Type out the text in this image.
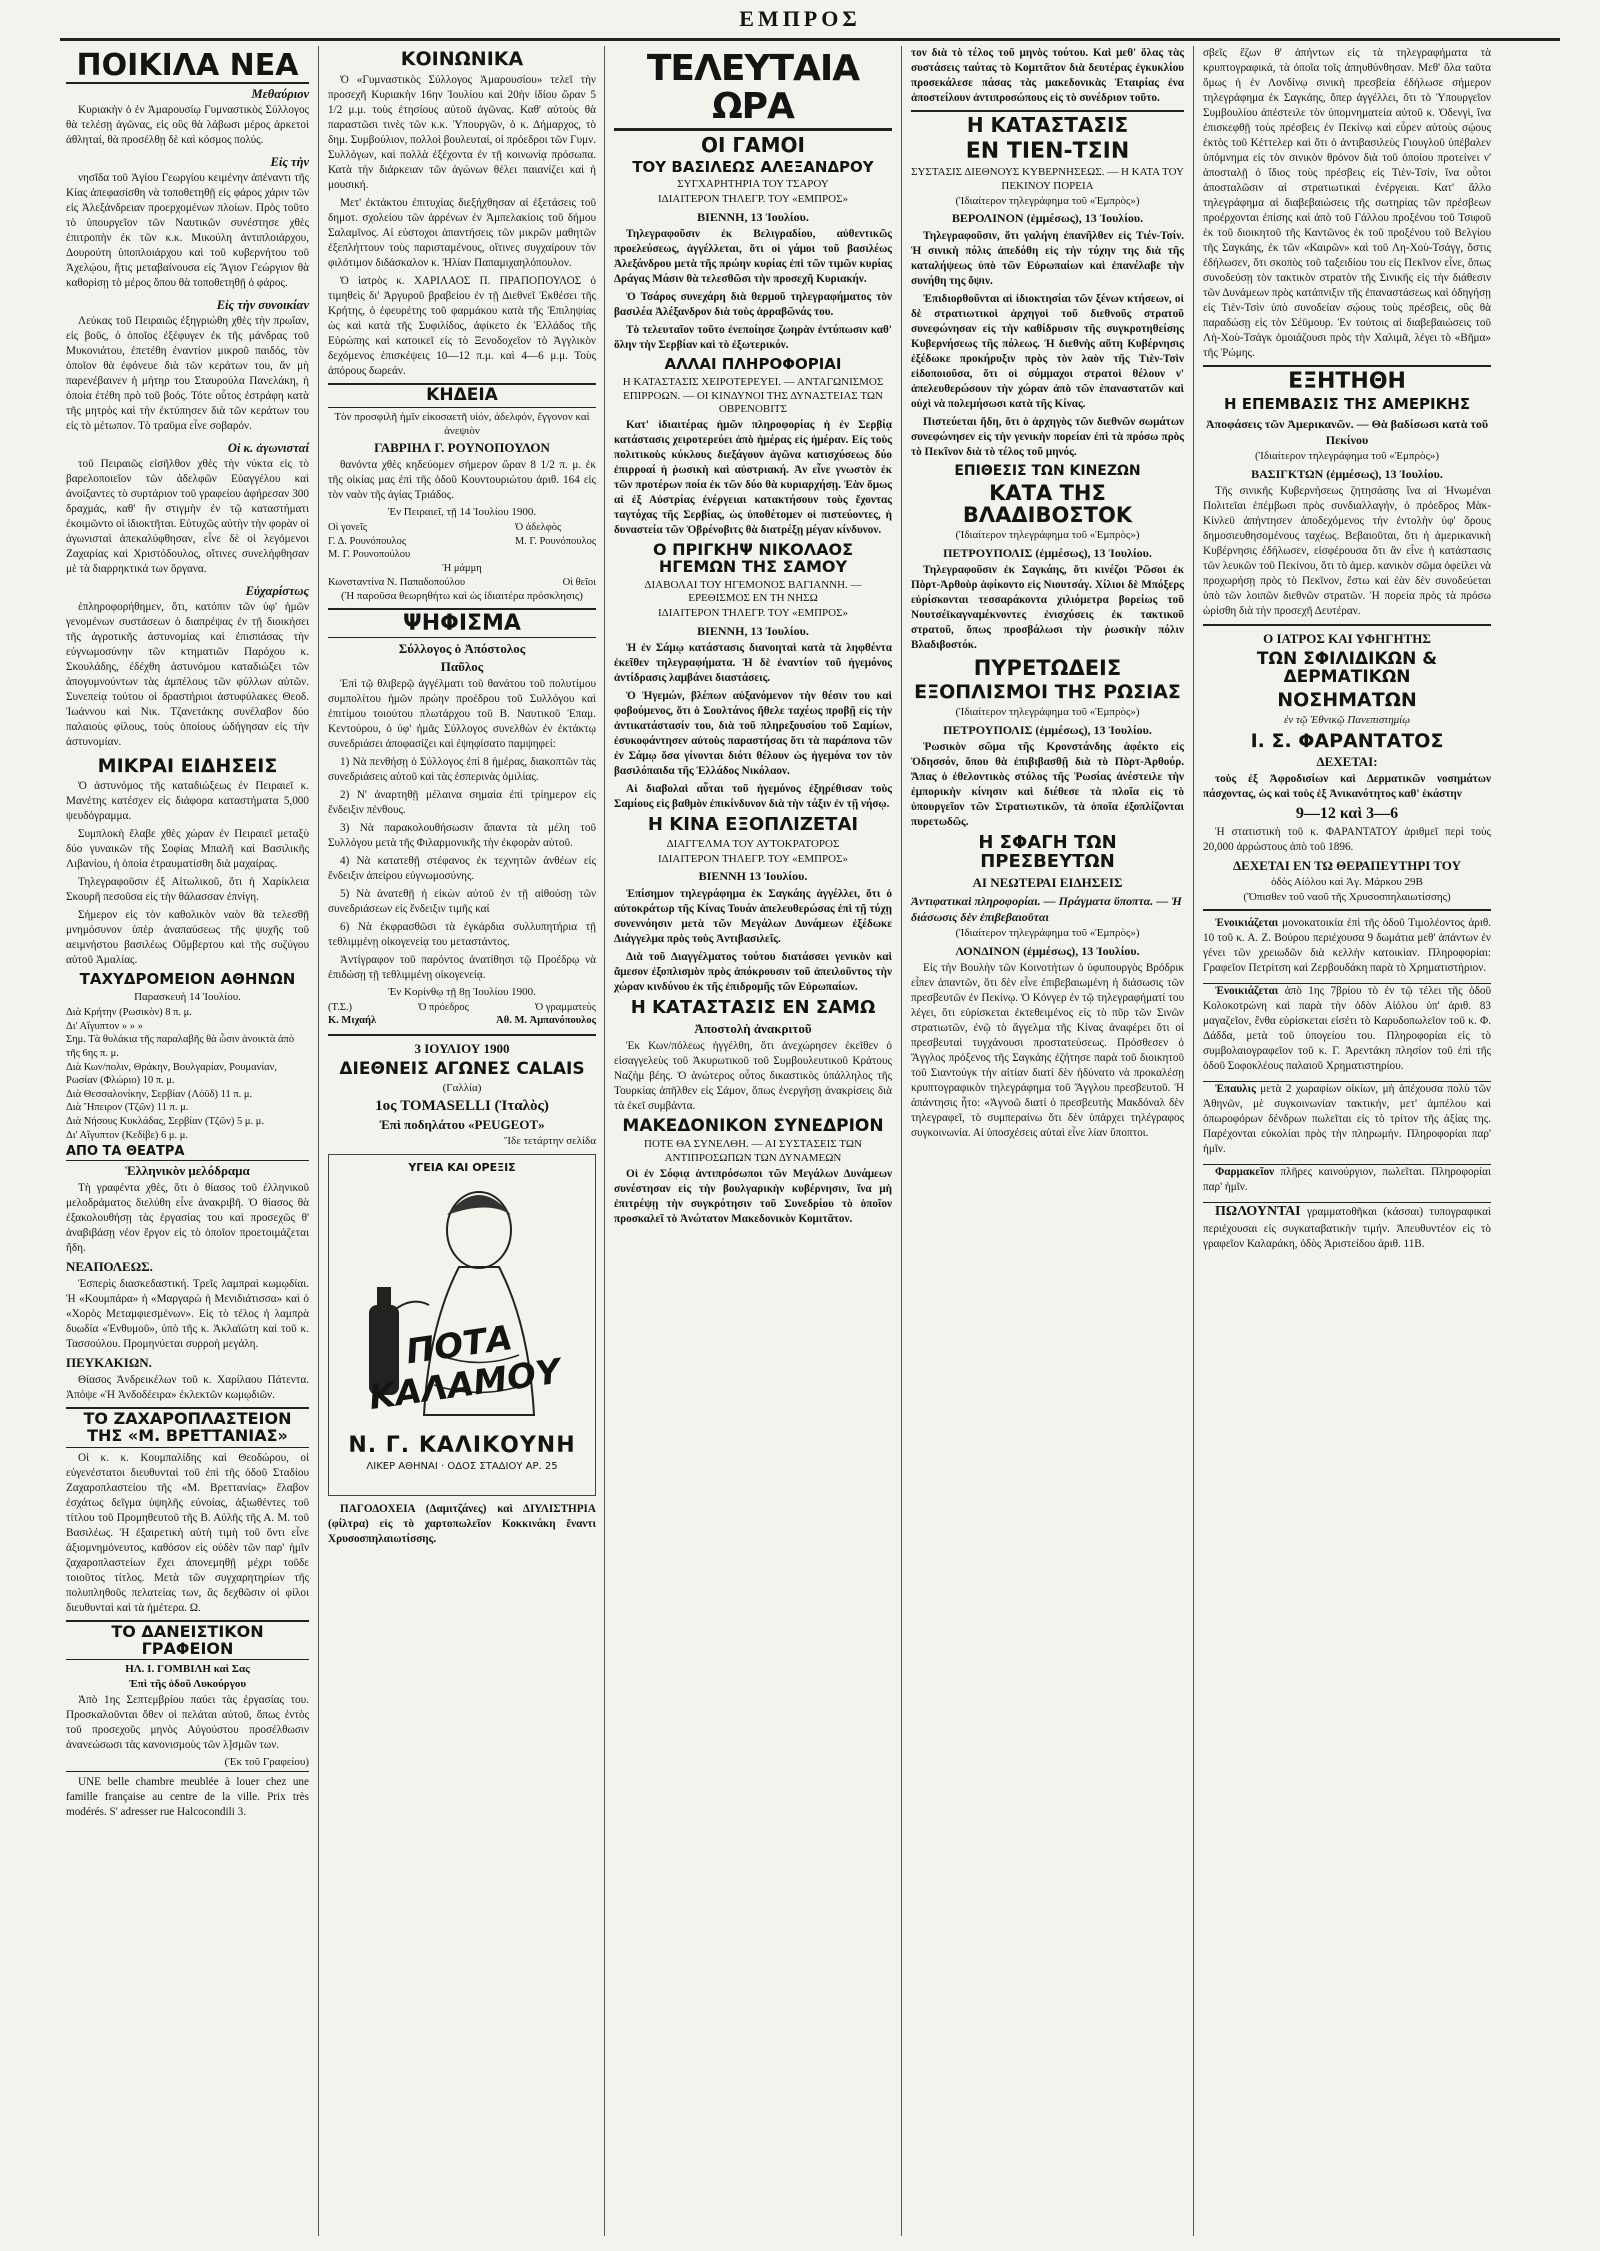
ΕΜΠΡΟΣ
ΠΟΙΚΙΛΑ ΝΕΑ
Μεθαύριον

Κυριακὴν ὁ ἐν Ἀμαρουσίῳ Γυμναστικὸς Σύλλογος θὰ τελέσῃ ἀγῶνας, εἰς οὓς θὰ λάβωσι μέρος ἀρκετοὶ ἀθληταί, θὰ προσέλθῃ δὲ καὶ κόσμος πολύς.

Εἰς τὴν

νησῖδα τοῦ Ἁγίου Γεωργίου κειμένην ἀπέναντι τῆς Κίας ἀπεφασίσθη νὰ τοποθετηθῇ εἰς φάρος χάριν τῶν εἰς Ἀλεξάνδρειαν προερχομένων πλοίων. Πρὸς τοῦτο τὸ ὑπουργεῖον τῶν Ναυτικῶν συνέστησε χθὲς ἐπιτροπὴν ἐκ τῶν κ.κ. Μικούλη ἀντιπλοιάρχου, Δουρούτη ὑποπλοιάρχου καὶ τοῦ κυβερνήτου τοῦ Ἀχελῴου, ἥτις μεταβαίνουσα εἰς Ἅγιον Γεώργιον θὰ καθορίσῃ τὸ μέρος ὅπου θὰ τοποθετηθῇ ὁ φάρος.

Εἰς τὴν συνοικίαν

Λεύκας τοῦ Πειραιῶς ἐξηγριώθη χθὲς τὴν πρωΐαν, εἰς βοῦς, ὁ ὁποῖος ἐξέφυγεν ἐκ τῆς μάνδρας τοῦ Μυκονιάτου, ἐπετέθη ἐναντίον μικροῦ παιδός, τὸν ὁποῖον θὰ ἐφόνευε διὰ τῶν κεράτων του, ἂν μὴ παρενέβαινεν ἡ μήτηρ του Σταυρούλα Πανελάκη, ἡ ὁποία ἐτέθη πρὸ τοῦ βοός. Τότε οὗτος ἐστράφη κατὰ τῆς μητρὸς καὶ τὴν ἐκτύπησεν διὰ τῶν κεράτων του εἰς τὸ μέτωπον. Τὸ τραῦμα εἶνε σοβαρόν.

Οἱ κ. ἀγωνισταί

τοῦ Πειραιῶς εἰσῆλθον χθὲς τὴν νύκτα εἰς τὸ βαρελοποιεῖον τῶν ἀδελφῶν Εὐαγγέλου καὶ ἀνοίξαντες τὸ συρτάριον τοῦ γραφείου ἀφήρεσαν 300 δραχμάς, καθ' ἣν στιγμὴν ἐν τῷ καταστήματι ἐκοιμῶντο οἱ ἰδιοκτῆται. Εὐτυχῶς αὐτὴν τὴν φορὰν οἱ ἀγωνισταὶ ἀπεκαλύφθησαν, εἶνε δὲ οἱ λεγόμενοι Ζαχαρίας καὶ Χριστόδουλος, οἵτινες συνελήφθησαν μὲ τὰ διαρρηκτικά των ὄργανα.

Εὐχαρίστως

ἐπληροφορήθημεν, ὅτι, κατόπιν τῶν ὑφ' ἡμῶν γενομένων συστάσεων ὁ διαπρέψας ἐν τῇ διοικήσει τῆς ἀγροτικῆς ἀστυνομίας καὶ ἐπισπάσας τὴν εὐγνωμοσύνην τῶν κτηματιῶν Παρόχου κ. Σκουλάδης, ἐδέχθη ἀστυνόμου καταδιώξει τῶν ἀπογυμνούντων τὰς ἀμπέλους τῶν φύλλων αὐτῶν. Συνεπείᾳ τούτου οἱ δραστήριοι ἀστυφύλακες Θεοδ. Ἰωάννου καὶ Νικ. Τζανετάκης συνέλαβον δύο παλαιοὺς φίλους, τοὺς ὁποίους ὡδήγησαν εἰς τὴν ἀστυνομίαν.

ΜΙΚΡΑΙ ΕΙΔΗΣΕΙΣ

Ὁ ἀστυνόμος τῆς καταδιώξεως ἐν Πειραιεῖ κ. Μανέτης κατέσχεν εἰς διάφορα καταστήματα 5,000 ψευδόγραμμα.

Συμπλοκὴ ἔλαβε χθὲς χώραν ἐν Πειραιεῖ μεταξὺ δύο γυναικῶν τῆς Σοφίας Μπαλῆ καὶ Βασιλικῆς Λιβανίου, ἡ ὁποία ἐτραυματίσθη διὰ μαχαίρας.

Τηλεγραφοῦσιν ἐξ Αἰτωλικοῦ, ὅτι ἡ Χαρίκλεια Σκουρῆ πεσοῦσα εἰς τὴν θάλασσαν ἐπνίγη.

Σήμερον εἰς τὸν καθολικὸν ναὸν θὰ τελεσθῇ μνημόσυνον ὑπὲρ ἀναπαύσεως τῆς ψυχῆς τοῦ αειμνήστου βασιλέως Οὔμβερτου καὶ τῆς συζύγου αὐτοῦ Ἀμαλίας.

ΤΑΧΥΔΡΟΜΕΙΟΝ ΑΘΗΝΩΝ
Παρασκευὴ 14 Ἰουλίου.
Διὰ Κρήτην (Ρωσικὸν) 8 π. μ.
Δι' Αἴγυπτον » » »
Σημ. Τὰ θυλάκια τῆς παραλαβῆς θὰ ὦσιν ἀνοικτὰ ἀπὸ τῆς 6ης π. μ.
Διὰ Κων/πολιν, Θράκην, Βουλγαρίαν, Ρουμανίαν, Ρωσίαν (Φλώριο) 10 π. μ.
Διὰ Θεσσαλονίκην, Σερβίαν (Λόϋδ) 11 π. μ.
Διὰ Ἤπειρον (Τζῶν) 11 π. μ.
Διὰ Νήσους Κυκλάδας, Σερβίαν (Τζῶν) 5 μ. μ.
Δι' Αἴγυπτον (Κεδίβε) 6 μ. μ.
ΑΠΟ ΤΑ ΘΕΑΤΡΑ
Ἑλληνικὸν μελόδραμα

Τὴ γραφέντα χθὲς, ὅτι ὁ θίασος τοῦ ἑλληνικοῦ μελοδράματος διελύθη εἶνε ἀνακριβῆ. Ὁ θίασος θὰ ἐξακολουθήσῃ τὰς ἐργασίας του καὶ προσεχῶς θ' ἀναβιβάσῃ νέον ἔργον εἰς τὸ ὁποῖον προετοιμάζεται ἤδη.

ΝΕΑΠΟΛΕΩΣ.

Ἑσπερὶς διασκεδαστική. Τρεῖς λαμπραὶ κωμῳδίαι. Ἡ «Κουμπάρα» ἡ «Μαργαρὼ ἡ Μενιδιάτισσα» καὶ ὁ «Χορὸς Μεταμφιεσμένων». Εἰς τὸ τέλος ἡ λαμπρὰ δυωδία «Ἐνθυμοῦ», ὑπὸ τῆς κ. Ἀκλαϊώτη καὶ τοῦ κ. Τασσούλου. Προμηνύεται συρροὴ μεγάλη.

ΠΕΥΚΑΚΙΩΝ.

Θίασος Ἀνδρεικέλων τοῦ κ. Χαρίλαου Πάτεντα. Ἀπόψε «Ἡ Ἀνδοδέειρα» ἐκλεκτῶν κωμῳδιῶν.

ΤΟ ΖΑΧΑΡΟΠΛΑΣΤΕΙΟΝ ΤΗΣ «Μ. ΒΡΕΤΤΑΝΙΑΣ»

Οἱ κ. κ. Κουμπαλίδης καὶ Θεοδώρου, οἱ εὐγενέστατοι διευθυνταὶ τοῦ ἐπὶ τῆς ὁδοῦ Σταδίου Ζαχαροπλαστείου τῆς «Μ. Βρεττανίας» ἔλαβον ἐσχάτως δεῖγμα ὑψηλῆς εὐνοίας, ἀξιωθέντες τοῦ τίτλου τοῦ Προμηθευτοῦ τῆς Β. Αὐλῆς τῆς Α. Μ. τοῦ Βασιλέως. Ἡ ἐξαιρετικὴ αὐτὴ τιμὴ τοῦ ὄντι εἶνε ἀξιομνημόνευτος, καθόσον εἰς οὐδὲν τῶν παρ' ἡμῖν ζαχαροπλαστείων ἔχει ἀπονεμηθῇ μέχρι τοῦδε τοιοῦτος τίτλος. Μετὰ τῶν συγχαρητηρίων τῆς πολυπληθοῦς πελατείας των, ἂς δεχθῶσιν οἱ φίλοι διευθυνταὶ καὶ τὰ ἡμέτερα. Ω.

ΤΟ ΔΑΝΕΙΣΤΙΚΟΝ ΓΡΑΦΕΙΟΝ
ΗΛ. Ι. ΓΟΜΒΙΛΗ καὶ Σας
Ἐπὶ τῆς ὁδοῦ Λυκούργου

Ἀπὸ 1ης Σεπτεμβρίου παύει τὰς ἐργασίας του. Προσκαλοῦνται ὅθεν οἱ πελάται αὐτοῦ, ὅπως ἐντὸς τοῦ προσεχοῦς μηνὸς Αὐγούστου προσέλθωσιν ἀνανεώσωσι τὰς κανονισμοὺς τῶν λ]σμῶν των.

(Ἐκ τοῦ Γραφείου)

UNE belle chambre meublée à louer chez une famille française au centre de la ville. Prix très modérés. S' adresser rue Halcocondili 3.

ΚΟΙΝΩΝΙΚΑ

Ὁ «Γυμναστικὸς Σύλλογος Ἀμαρουσίου» τελεῖ τὴν προσεχῆ Κυριακὴν 16ην Ἰουλίου καὶ 20ὴν ἰδίου ὥραν 5 1/2 μ.μ. τοὺς ἐτησίους αὐτοῦ ἀγῶνας. Καθ' αὐτοὺς θὰ παραστῶσι τινὲς τῶν κ.κ. Ὑπουργῶν, ὁ κ. Δήμαρχος, τὸ δημ. Συμβούλιον, πολλοὶ βουλευταί, οἱ πρόεδροι τῶν Γυμν. Συλλόγων, καὶ πολλὰ ἐξέχοντα ἐν τῇ κοινωνίᾳ πρόσωπα. Κατὰ τὴν διάρκειαν τῶν ἀγώνων θέλει παιανίζει καὶ ἡ μουσική.

Μετ' ἐκτάκτου ἐπιτυχίας διεξήχθησαν αἱ ἐξετάσεις τοῦ δημοτ. σχολείου τῶν ἀρρένων ἐν Ἀμπελακίοις τοῦ δήμου Σαλαμῖνος. Αἱ εὐστοχοι ἀπαντήσεις τῶν μικρῶν μαθητῶν ἐξεπλήττουν τοὺς παρισταμένους, οἵτινες συγχαίρουν τὸν φιλότιμον διδάσκαλον κ. Ἠλίαν Παπαμιχαηλόπουλον.

Ὁ ἰατρὸς κ. ΧΑΡΙΛΑΟΣ Π. ΠΡΑΠΟΠΟΥΛΟΣ ὁ τιμηθεὶς δι' Ἀργυροῦ βραβείου ἐν τῇ Διεθνεῖ Ἐκθέσει τῆς Κρήτης, ὁ ἐφευρέτης τοῦ φαρμάκου κατὰ τῆς Ἐπιληψίας ὡς καὶ κατὰ τῆς Συφιλίδος, ἀφίκετο ἐκ Ἑλλάδος τῆς Εὐρώπης καὶ κατοικεῖ εἰς τὸ Ξενοδοχεῖον τὸ Ἀγγλικὸν δεχόμενος ἐπισκέψεις 10—12 π.μ. καὶ 4—6 μ.μ. Τοὺς ἀπόρους δωρεάν.

ΚΗΔΕΙΑ
Τὸν προσφιλῆ ἡμῖν εἰκοσαετῆ υἱόν, ἀδελφόν, ἔγγονον καὶ ἀνεψιὸν
ΓΑΒΡΙΗΛ Γ. ΡΟΥΝΟΠΟΥΛΟΝ

θανόντα χθὲς κηδεύομεν σήμερον ὥραν 8 1/2 π. μ. ἐκ τῆς οἰκίας μας ἐπὶ τῆς ὁδοῦ Κουντουριώτου ἀριθ. 164 εἰς τὸν ναὸν τῆς ἁγίας Τριάδος.

Ἐν Πειραιεῖ, τῇ 14 Ἰουλίου 1900.
Οἱ γονεῖς
Γ. Δ. Ρουνόπουλος
Μ. Γ. Ρουνοπούλου
Ὁ ἀδελφὸς
Μ. Γ. Ρουνόπουλος
Ἡ μάμμη
Κωνσταντίνα Ν. Παπαδοπούλου	Οἱ θεῖοι
(Ἡ παροῦσα θεωρηθήτω καὶ ὡς ἰδιαιτέρα πρόσκλησις)
ΨΗΦΙΣΜΑ
Σύλλογος ὁ Ἀπόστολος
Παῦλος

Ἐπὶ τῷ θλιβερῷ ἀγγέλματι τοῦ θανάτου τοῦ πολυτίμου συμπολίτου ἡμῶν πρώην προέδρου τοῦ Συλλόγου καὶ ἐπιτίμου τοιούτου πλωτάρχου τοῦ Β. Ναυτικοῦ Ἐπαμ. Κεντούρου, ὁ ὑφ' ἡμᾶς Σύλλογος συνελθὼν ἐν ἐκτάκτῳ συνεδριάσει ἀποφασίζει καὶ ἐψηφίσατο παμψηφεί:

1) Νὰ πενθήσῃ ὁ Σύλλογος ἐπὶ 8 ἡμέρας, διακοπτῶν τὰς συνεδριάσεις αὐτοῦ καὶ τὰς ἑσπερινὰς ὁμιλίας.

2) Ν' ἀναρτηθῇ μέλαινα σημαία ἐπὶ τρίημερον εἰς ἔνδειξιν πένθους.

3) Νὰ παρακολουθήσωσιν ἅπαντα τὰ μέλη τοῦ Συλλόγου μετὰ τῆς Φιλαρμονικῆς τὴν ἐκφορὰν αὐτοῦ.

4) Νὰ κατατεθῇ στέφανος ἐκ τεχνητῶν ἀνθέων εἰς ἔνδειξιν ἀπείρου εὐγνωμοσύνης.

5) Νὰ ἀνατεθῇ ἡ εἰκὼν αὐτοῦ ἐν τῇ αἰθούσῃ τῶν συνεδριάσεων εἰς ἔνδειξιν τιμῆς καί

6) Νὰ ἐκφρασθῶσι τὰ ἐγκάρδια συλλυπητήρια τῇ τεθλιμμένῃ οἰκογενείᾳ του μεταστάντος.

Ἀντίγραφον τοῦ παρόντος ἀνατίθησι τῷ Προέδρῳ νὰ ἐπιδώσῃ τῇ τεθλιμμένῃ οἰκογενείᾳ.

Ἐν Κορίνθῳ τῇ 8ῃ Ἰουλίου 1900.
(Τ.Σ.)	Ὁ πρόεδρος	Ὁ γραμματεὺς
Κ. Μιχαήλ	Ἀθ. Μ. Ἀμπανόπουλος
3 ΙΟΥΛΙΟΥ 1900
ΔΙΕΘΝΕΙΣ ΑΓΩΝΕΣ CALAIS
(Γαλλία)
1ος TOMASELLI (Ἰταλὸς)
Ἐπὶ ποδηλάτου «PEUGEOT»
Ἴδε τετάρτην σελίδα
ΥΓΕΙΑ ΚΑΙ ΟΡΕΞΙΣ
ΠΟΤΑ ΚΑΛΑΜΟΥ
Ν. Γ. ΚΑΛΙΚΟΥΝΗ
ΛΙΚΕΡ ΑΘΗΝΑΙ · ΟΔΟΣ ΣΤΑΔΙΟΥ ΑΡ. 25

ΠΑΓΟΔΟΧΕΙΑ (Δαμιτζάνες) καὶ ΔΙΥΛΙΣΤΗΡΙΑ (φίλτρα) εἰς τὸ χαρτοπωλεῖον Κοκκινάκη ἔναντι Χρυσοσπηλαιωτίσσης.

ΤΕΛΕΥΤΑΙΑ ΩΡΑ
ΟΙ ΓΑΜΟΙ
ΤΟΥ ΒΑΣΙΛΕΩΣ ΑΛΕΞΑΝΔΡΟΥ
ΣΥΓΧΑΡΗΤΗΡΙΑ ΤΟΥ ΤΣΑΡΟΥ
ΙΔΙΑΙΤΕΡΟΝ ΤΗΛΕΓΡ. ΤΟΥ «ΕΜΠΡΟΣ»
ΒΙΕΝΝΗ, 13 Ἰουλίου.

Τηλεγραφοῦσιν ἐκ Βελιγραδίου, αὐθεντικῶς προελεύσεως, ἀγγέλλεται, ὅτι οἱ γάμοι τοῦ βασιλέως Ἀλεξάνδρου μετὰ τῆς πρώην κυρίας ἐπὶ τῶν τιμῶν κυρίας Δράγας Μάσιν θὰ τελεσθῶσι τὴν προσεχῆ Κυριακήν.

Ὁ Τσάρος συνεχάρη διὰ θερμοῦ τηλεγραφήματος τὸν βασιλέα Ἀλέξανδρον διὰ τοὺς ἀρραβῶνάς του.

Τὸ τελευταῖον τοῦτο ἐνεποίησε ζωηρὰν ἐντύπωσιν καθ' ὅλην τὴν Σερβίαν καὶ τὸ ἐξωτερικόν.

ΑΛΛΑΙ ΠΛΗΡΟΦΟΡΙΑΙ
Η ΚΑΤΑΣΤΑΣΙΣ ΧΕΙΡΟΤΕΡΕΥΕΙ. — ΑΝΤΑΓΩΝΙΣΜΟΣ ΕΠΙΡΡΟΩΝ. — ΟΙ ΚΙΝΔΥΝΟΙ ΤΗΣ ΔΥΝΑΣΤΕΙΑΣ ΤΩΝ ΟΒΡΕΝΟΒΙΤΣ

Κατ' ἰδιαιτέρας ἡμῶν πληροφορίας ἡ ἐν Σερβίᾳ κατάστασις χειροτερεύει ἀπὸ ἡμέρας εἰς ἡμέραν. Εἰς τοὺς πολιτικοὺς κύκλους διεξάγουν ἀγῶνα κατισχύσεως δύο ἐπιρροαί ἡ ῥωσικὴ καὶ αὐστριακή. Ἀν εἶνε γνωστὸν ἐκ τῶν προτέρων ποία ἐκ τῶν δύο θὰ κυριαρχήσῃ. Ἐὰν ὅμως αἱ ἐξ Αὐστρίας ἐνέργειαι κατακτήσουν τοὺς ἔχοντας ταγτόχας τῆς Σερβίας, ὡς ὑποθέτομεν οἱ πιστεύοντες, ἡ δυναστεία τῶν Ὀβρένοβιτς θὰ διατρέξῃ μέγαν κίνδυνον.

Ο ΠΡΙΓΚΗΨ ΝΙΚΟΛΑΟΣ ΗΓΕΜΩΝ ΤΗΣ ΣΑΜΟΥ
ΔΙΑΒΟΛΑΙ ΤΟΥ ΗΓΕΜΟΝΟΣ ΒΑΓΙΑΝΝΗ. — ΕΡΕΘΙΣΜΟΣ ΕΝ ΤΗ ΝΗΣΩ
ΙΔΙΑΙΤΕΡΟΝ ΤΗΛΕΓΡ. ΤΟΥ «ΕΜΠΡΟΣ»
ΒΙΕΝΝΗ, 13 Ἰουλίου.

Ἡ ἐν Σάμῳ κατάστασις διανοηταὶ κατὰ τὰ ληφθέντα ἐκεῖθεν τηλεγραφήματα. Ἡ δὲ ἐναντίον τοῦ ἡγεμόνος ἀντίδρασις λαμβάνει διαστάσεις.

Ὁ Ἡγεμών, βλέπων αὐξανόμενον τὴν θέσιν του καὶ φοβούμενος, ὅτι ὁ Σουλτάνος ἤθελε ταχέως προβῇ εἰς τὴν ἀντικατάστασίν του, διὰ τοῦ πληρεξουσίου τοῦ Σαμίων, ἐσυκοφάντησεν αὐτοὺς παραστήσας ὅτι τὰ παράπονα τῶν ἐν Σάμῳ ὅσα γίνονται διότι θέλουν ὡς ἡγεμόνα τον τὸν βασιλόπαιδα τῆς Ἑλλάδος Νικόλαον.

Αἱ διαβολαὶ αὗται τοῦ ἡγεμόνος ἐξηρέθισαν τοὺς Σαμίους εἰς βαθμὸν ἐπικίνδυνον διὰ τὴν τάξιν ἐν τῇ νήσῳ.

Η ΚΙΝΑ ΕΞΟΠΛΙΖΕΤΑΙ
ΔΙΑΓΓΕΛΜΑ ΤΟΥ ΑΥΤΟΚΡΑΤΟΡΟΣ
ΙΔΙΑΙΤΕΡΟΝ ΤΗΛΕΓΡ. ΤΟΥ «ΕΜΠΡΟΣ»
ΒΙΕΝΝΗ 13 Ἰουλίου.

Ἐπίσημον τηλεγράφημα ἐκ Σαγκάης ἀγγέλλει, ὅτι ὁ αὐτοκράτωρ τῆς Κίνας Τουάν ἀπελευθερώσας ἐπὶ τῇ τύχῃ συνεννόησιν μετὰ τῶν Μεγάλων Δυνάμεων ἐξέδωκε Διάγγελμα πρὸς τοὺς Ἀντιβασιλεῖς.

Διὰ τοῦ Διαγγέλματος τούτου διατάσσει γενικὸν καὶ ἄμεσον ἐξοπλισμὸν πρὸς ἀπόκρουσιν τοῦ ἀπειλοῦντος τὴν χώραν κινδύνου ἐκ τῆς ἐπιδρομῆς τῶν Εὐρωπαίων.

Η ΚΑΤΑΣΤΑΣΙΣ ΕΝ ΣΑΜΩ
Ἀποστολὴ ἀνακριτοῦ

Ἐκ Κων/πόλεως ἠγγέλθη, ὅτι ἀνεχώρησεν ἐκεῖθεν ὁ εἰσαγγελεὺς τοῦ Ἀκυρωτικοῦ τοῦ Συμβουλευτικοῦ Κράτους Ναζὴμ βέης. Ὁ ἀνώτερος οὗτος δικαστικὸς ὑπάλληλος τῆς Τουρκίας ἀπῆλθεν εἰς Σάμον, ὅπως ἐνεργήσῃ ἀνακρίσεις διὰ τὰ ἐκεῖ συμβάντα.

ΜΑΚΕΔΟΝΙΚΟΝ ΣΥΝΕΔΡΙΟΝ
ΠΟΤΕ ΘΑ ΣΥΝΕΛΘΗ. — ΑΙ ΣΥΣΤΑΣΕΙΣ ΤΩΝ ΑΝΤΙΠΡΟΣΩΠΩΝ ΤΩΝ ΔΥΝΑΜΕΩΝ

Οἱ ἐν Σόφιᾳ ἀντιπρόσωποι τῶν Μεγάλων Δυνάμεων συνέστησαν εἰς τὴν βουλγαρικὴν κυβέρνησιν, ἵνα μὴ ἐπιτρέψῃ τὴν συγκρότησιν τοῦ Συνεδρίου τὸ ὁποῖον προσκαλεῖ τὸ Ἀνώτατον Μακεδονικὸν Κομιτᾶτον.

τον διὰ τὸ τέλος τοῦ μηνὸς τούτου. Καὶ μεθ' ὅλας τὰς συστάσεις ταύτας τὸ Κομιτᾶτον διὰ δευτέρας ἐγκυκλίου προσεκάλεσε πάσας τὰς μακεδονικὰς Ἑταιρίας ἐνα ἀποστείλουν ἀντιπροσώπους εἰς τὸ συνέδριον τοῦτο.

Η ΚΑΤΑΣΤΑΣΙΣ
ΕΝ ΤΙΕΝ-ΤΣΙΝ
ΣΥΣΤΑΣΙΣ ΔΙΕΘΝΟΥΣ ΚΥΒΕΡΝΗΣΕΩΣ. — Η ΚΑΤΑ ΤΟΥ ΠΕΚΙΝΟΥ ΠΟΡΕΙΑ
(Ἰδιαίτερον τηλεγράφημα τοῦ «Ἐμπρὸς»)
ΒΕΡΟΛΙΝΟΝ (ἐμμέσως), 13 Ἰουλίου.

Τηλεγραφοῦσιν, ὅτι γαλήνη ἐπανῆλθεν εἰς Τιέν-Τσίν. Ἡ σινικὴ πόλις ἀπεδόθη εἰς τὴν τύχην της διὰ τῆς καταλήψεως ὑπὸ τῶν Εὐρωπαίων καὶ ἐπανέλαβε τὴν συνήθη της ὄψιν.

Ἐπιδιορθοῦνται αἱ ἰδιοκτησίαι τῶν ξένων κτήσεων, οἱ δὲ στρατιωτικοὶ ἀρχηγοὶ τοῦ διεθνοῦς στρατοῦ συνεφώνησαν εἰς τὴν καθίδρυσιν τῆς συγκροτηθείσης Κυβερνήσεως τῆς πόλεως. Ἡ διεθνὴς αὕτη Κυβέρνησις ἐξέδωκε προκήρυξιν πρὸς τὸν λαὸν τῆς Τιὲν-Τσὶν εἰδοποιοῦσα, ὅτι οἱ σύμμαχοι στρατοὶ θέλουν ν' ἀπελευθερώσουν τὴν χώραν ἀπὸ τῶν ἐπαναστατῶν καὶ οὐχὶ νὰ πολεμήσωσι κατὰ τῆς Κίνας.

Πιστεύεται ἤδη, ὅτι ὁ ἀρχηγὸς τῶν διεθνῶν σωμάτων συνεφώνησεν εἰς τὴν γενικὴν πορείαν ἐπὶ τὰ πρόσω πρὸς τὸ Πεκῖνον διὰ τὸ τέλος τοῦ μηνός.

ΕΠΙΘΕΣΙΣ ΤΩΝ ΚΙΝΕΖΩΝ
ΚΑΤΑ ΤΗΣ ΒΛΑΔΙΒΟΣΤΟΚ
(Ἰδιαίτερον τηλεγράφημα τοῦ «Ἐμπρὸς»)
ΠΕΤΡΟΥΠΟΛΙΣ (ἐμμέσως), 13 Ἰουλίου.

Τηλεγραφοῦσιν ἐκ Σαγκάης, ὅτι κινέζοι Ῥῶσοι ἐκ Πὸρτ-Ἀρθοὺρ ἀφίκοντο εἰς Νιουτσάγ. Χίλιοι δὲ Μπόξερς εὑρίσκονται τεσσαράκοντα χιλιόμετρα βορείως τοῦ Νουτσέϊκαγναμέκνοντες ἐνισχύσεις ἐκ τακτικοῦ στρατοῦ, ὅπως προσβάλωσι τὴν ῥωσικὴν πόλιν Βλαδιβοστόκ.

ΠΥΡΕΤΩΔΕΙΣ
ΕΞΟΠΛΙΣΜΟΙ ΤΗΣ ΡΩΣΙΑΣ
(Ἰδιαίτερον τηλεγράφημα τοῦ «Ἐμπρὸς»)
ΠΕΤΡΟΥΠΟΛΙΣ (ἐμμέσως), 13 Ἰουλίου.

Ῥωσικὸν σῶμα τῆς Κρονστάνδης ἀφέκτο εἰς Ὀδησσόν, ὅπου θὰ ἐπιβιβασθῇ διὰ τὸ Πὸρτ-Ἀρθούρ. Ἅπας ὁ ἐθελοντικὸς στόλος τῆς Ῥωσίας ἀνέστειλε τὴν ἐμπορικὴν κίνησιν καὶ διέθεσε τὰ πλοῖα εἰς τὸ ὑπουργεῖον τῶν Στρατιωτικῶν, τὰ ὁποῖα ἐξοπλίζονται πυρετωδῶς.

Η ΣΦΑΓΗ ΤΩΝ ΠΡΕΣΒΕΥΤΩΝ
ΑΙ ΝΕΩΤΕΡΑΙ ΕΙΔΗΣΕΙΣ
Ἀντιφατικαὶ πληροφορίαι. — Πράγματα ὕποπτα. — Ἡ διάσωσις δὲν ἐπιβεβαιοῦται
(Ἰδιαίτερον τηλεγράφημα τοῦ «Ἐμπρὸς»)
ΛΟΝΔΙΝΟΝ (ἐμμέσως), 13 Ἰουλίου.

Εἰς τὴν Βουλὴν τῶν Κοινοτήτων ὁ ὑφυπουργὸς Βρόδρικ εἶπεν ἀπαντῶν, ὅτι δὲν εἶνε ἐπιβεβαιωμένη ἡ διάσωσις τῶν πρεσβευτῶν ἐν Πεκίνῳ. Ὁ Κόνγερ ἐν τῷ τηλεγραφήματί του λέγει, ὅτι εὑρίσκεται ἐκτεθειμένος εἰς τὸ πῦρ τῶν Σινῶν στρατιωτῶν, ἐνῷ τὸ ἄγγελμα τῆς Κίνας ἀναφέρει ὅτι οἱ πρεσβευταὶ τυγχάνουσι προστατεύσεως. Πρόσθεσεν ὁ Ἄγγλος πρόξενος τῆς Σαγκάης ἐζήτησε παρὰ τοῦ διοικητοῦ τοῦ Σιαντούγκ τὴν αἰτίαν διατί δὲν ἠδύνατο νὰ προκαλέσῃ κρυπτογραφικὸν τηλεγράφημα τοῦ Ἄγγλου πρεσβευτοῦ. Ἡ ἀπάντησις ἦτο: «Ἀγνοῶ διατί ὁ πρεσβευτὴς Μακδόναλ δὲν τηλεγραφεῖ, τὸ συμπεραίνω ὅτι δὲν ὑπάρχει τηλέγραφος συγκοινωνία. Αἱ ὑποσχέσεις αὐταὶ εἶνε λίαν ὕποπτοι.

σβεῖς ἔζων θ' ἀπήντων εἰς τὰ τηλεγραφήματα τὰ κρυπτογραφικά, τὰ ὁποῖα τοῖς ἀπηυθύνθησαν. Μεθ' ὅλα ταῦτα ὅμως ἡ ἐν Λονδίνῳ σινικὴ πρεσβεία ἐδήλωσε σήμερον τηλεγράφημα ἐκ Σαγκάης, ὅπερ ἀγγέλλει, ὅτι τὸ Ὑπουργεῖον Συμβουλίου ἀπέστειλε τὸν ὑπομνηματεία αὐτοῦ κ. Ὀδενγὶ, ἵνα ἐπισκεφθῇ τοὺς πρέσβεις ἐν Πεκίνῳ καὶ εὗρεν αὐτοὺς σῴους ἐκτὸς τοῦ Κέττελερ καὶ ὅτι ὁ ἀντιβασιλεὺς Γιουγλοῦ ὑπέβαλεν ὑπόμνημα εἰς τὸν σινικὸν θρόνον διὰ τοῦ ὁποίου προτείνει ν' ἀποσταλῇ ὁ ἴδιος τοὺς πρέσβεις εἰς Τιὲν-Τσίν, ἵνα οὗτοι ἀποσταλῶσιν αἱ στρατιωτικαὶ ἐνέργειαι. Κατ' ἄλλο τηλεγράφημα αἱ διαβεβαιώσεις τῆς σωτηρίας τῶν πρέσβεων προέρχονται ἐπίσης καὶ ἀπὸ τοῦ Γάλλου προξένου τοῦ Τσιφοῦ ἐκ τοῦ διοικητοῦ τῆς Καντῶνος ἐκ τοῦ προξένου τοῦ Βελγίου τῆς Σαγκάης, ἐκ τῶν «Καιρῶν» καὶ τοῦ Λη-Χοὺ-Τσάγγ, ὅστις ἐδήλωσεν, ὅτι σκοπὸς τοῦ ταξειδίου του εἰς Πεκῖνον εἶνε, ὅπως συνοδεύσῃ τὸν τακτικὸν στρατὸν τῆς Σινικῆς εἰς τὴν διάθεσιν τῶν Δυνάμεων πρὸς κατάπνιξιν τῆς ἐπαναστάσεως καὶ ὁδηγήσῃ εἰς Τιὲν-Τσὶν ὑπὸ συνοδείαν σῴους τοὺς πρέσβεις, οὓς θὰ παραδώσῃ εἰς τὸν Σέϋμουρ. Ἐν τούτοις αἱ διαβεβαιώσεις τοῦ Λὴ-Χοὺ-Τσάγκ ὁμοιάζουσι πρὸς τὴν Χαλιμᾶ, λέγει τὸ «Βῆμα» τῆς Ῥώμης.

ΕΞΗΤΗΘΗ
Η ΕΠΕΜΒΑΣΙΣ ΤΗΣ ΑΜΕΡΙΚΗΣ
Ἀποφάσεις τῶν Ἀμερικανῶν. — Θὰ βαδίσωσι κατὰ τοῦ Πεκίνου
(Ἰδιαίτερον τηλεγράφημα τοῦ «Ἐμπρὸς»)
ΒΑΣΙΓΚΤΩΝ (ἐμμέσως), 13 Ἰουλίου.

Τῆς σινικῆς Κυβερνήσεως ζητησάσης ἵνα αἱ Ἡνωμέναι Πολιτεῖαι ἐπέμβωσι πρὸς συνδιαλλαγήν, ὁ πρόεδρος Μὰκ-Κίνλεϋ ἀπήντησεν ἀποδεχόμενος τὴν ἐντολὴν ὑφ' ὅρους δημοσιευθησομένους ταχέως. Βεβαιοῦται, ὅτι ἡ ἀμερικανικὴ Κυβέρνησις ἐδήλωσεν, εἰσφέρουσα ὅτι ἂν εἶνε ἡ κατάστασις τῶν λευκῶν τοῦ Πεκίνου, ὅτι τὸ ἀμερ. κανικὸν σῶμα ὀφείλει νὰ προχωρήσῃ πρὸς τὸ Πεκῖνον, ἔστω καὶ ἐὰν δὲν συνοδεύεται ὑπὸ τῶν λοιπῶν διεθνῶν στρατῶν. Ἡ πορεία πρὸς τὰ πρόσω ὡρίσθη διὰ τὴν προσεχῆ Δευτέραν.

Ο ΙΑΤΡΟΣ ΚΑΙ ΥΦΗΓΗΤΗΣ
ΤΩΝ ΣΦΙΛΙΔΙΚΩΝ & ΔΕΡΜΑΤΙΚΩΝ
ΝΟΣΗΜΑΤΩΝ
ἐν τῷ Ἐθνικῷ Πανεπιστημίῳ
Ι. Σ. ΦΑΡΑΝΤΑΤΟΣ
ΔΕΧΕΤΑΙ:

τοὺς ἐξ Ἀφροδισίων καὶ Δερματικῶν νοσημάτων πάσχοντας, ὡς καὶ τοὺς ἐξ Ἀνικανότητος καθ' ἑκάστην

9—12 καὶ 3—6

Ἡ στατιστικὴ τοῦ κ. ΦΑΡΑΝΤΑΤΟΥ ἀριθμεῖ περὶ τοὺς 20,000 ἀρρώστους ἀπὸ τοῦ 1896.

ΔΕΧΕΤΑΙ ΕΝ ΤΩ ΘΕΡΑΠΕΥΤΗΡΙ ΤΟΥ
ὁδὸς Αἰόλου καὶ Ἁγ. Μάρκου 29Β
(Ὄπισθεν τοῦ ναοῦ τῆς Χρυσοσπηλαιωτίσσης)

Ἐνοικιάζεται μονοκατοικία ἐπὶ τῆς ὁδοῦ Τιμολέοντος ἀριθ. 10 τοῦ κ. Α. Ζ. Βούρου περιέχουσα 9 δωμάτια μεθ' ἁπάντων ἐν γένει τῶν χρειωδῶν διὰ κελλὴν κατοικίαν. Πληροφορίαι: Γραφεῖον Πετρίτση καὶ Ζερβουδάκη παρὰ τὸ Χρηματιστήριον.

Ἐνοικιάζεται ἀπὸ 1ης 7βρίου τὸ ἐν τῷ τέλει τῆς ὁδοῦ Κολοκοτρώνη καὶ παρὰ τὴν ὁδὸν Αἰόλου ὑπ' ἀριθ. 83 μαγαζεῖον, ἔνθα εὑρίσκεται εἰσέτι τὸ Καρυδοπωλεῖον τοῦ κ. Φ. Δάδδα, μετὰ τοῦ ὑπογείου του. Πληροφορίαι εἰς τὸ συμβολαιογραφεῖον τοῦ κ. Γ. Ἀρεντάκη πλησίον τοῦ ἐπὶ τῆς ὁδοῦ Σοφοκλέους παλαιοῦ Χρηματιστηρίου.

Ἐπαυλις μετὰ 2 χωραφίων οἰκίων, μὴ ἀπέχουσα πολὺ τῶν Ἀθηνῶν, μὲ συγκοινωνίαν τακτικήν, μετ' ἀμπέλου καὶ ὀπωροφόρων δένδρων πωλεῖται εἰς τὸ τρίτον τῆς ἀξίας της. Παρέχονται εὐκολίαι πρὸς τὴν πληρωμήν. Πληροφορίαι παρ' ἡμῖν.

Φαρμακεῖον πλῆρες καινούργιον, πωλεῖται. Πληροφορίαι παρ' ἡμῖν.

ΠΩΛΟΥΝΤΑΙ γραμματοθῆκαι (κάσσαι) τυπογραφικαὶ περιέχουσαι εἰς συγκαταβατικὴν τιμήν. Ἀπευθυντέον εἰς τὸ γραφεῖον Καλαράκη, ὁδὸς Ἀριστείδου ἀριθ. 11Β.
